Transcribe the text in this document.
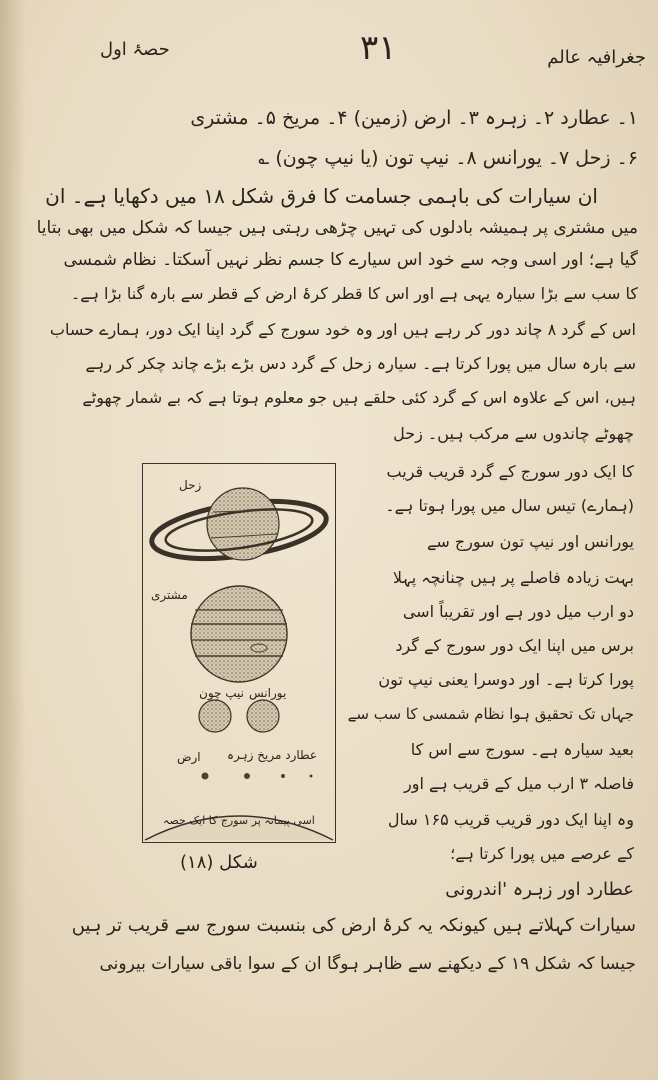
حصۂ اول	۳۱	جغرافیہ عالم
۱۔ عطارد ۲۔ زہرہ ۳۔ ارض (زمین) ۴۔ مریخ ۵۔ مشتری
۶۔ زحل ۷۔ یورانس ۸۔ نیپ تون (یا نیپ چون)‏ ؎
ان سیارات کی باہمی جسامت کا فرق شکل ۱۸ میں دکھایا ہے۔ ان
میں مشتری پر ہمیشہ بادلوں کی تہیں چڑھی رہتی ہیں جیسا کہ شکل میں بھی بتایا
گیا ہے؛ اور اسی وجہ سے خود اس سیارے کا جسم نظر نہیں آسکتا۔ نظام شمسی
کا سب سے بڑا سیارہ یہی ہے اور اس کا قطر کرۂ ارض کے قطر سے بارہ گنا بڑا ہے۔
اس کے گرد ۸ چاند دور کر رہے ہیں اور وہ خود سورج کے گرد اپنا ایک دور، ہمارے حساب
سے بارہ سال میں پورا کرتا ہے۔ سیارہ زحل کے گرد دس بڑے بڑے چاند چکر کر رہے
ہیں، اس کے علاوہ اس کے گرد کئی حلقے ہیں جو معلوم ہوتا ہے کہ بے شمار چھوٹے
چھوٹے چاندوں سے مرکب ہیں۔ زحل
کا ایک دور سورج کے گرد قریب قریب
(ہمارے) تیس سال میں پورا ہوتا ہے۔
یورانس اور نیپ تون سورج سے
بہت زیادہ فاصلے پر ہیں چنانچہ پہلا
دو ارب میل دور ہے اور تقریباً اسی
برس میں اپنا ایک دور سورج کے گرد
پورا کرتا ہے۔ اور دوسرا یعنی نیپ تون
جہاں تک تحقیق ہوا نظام شمسی کا سب سے
بعید سیارہ ہے۔ سورج سے اس کا
فاصلہ ۳ ارب میل کے قریب ہے اور
وہ اپنا ایک دور قریب قریب ۱۶۵ سال
کے عرصے میں پورا کرتا ہے؛
عطارد اور زہرہ 'اندرونی
سیارات کہلاتے ہیں کیونکہ یہ کرۂ ارض کی بنسبت سورج سے قریب تر ہیں
جیسا کہ شکل ۱۹ کے دیکھنے سے ظاہر ہوگا ان کے سوا باقی سیارات بیرونی
زحل
مشتری
نیپ چون یورانس
عطارد مریخ زہرہ
ارض
اسی پیمانہ پر سورج کا ایک حصہ
شکل (۱۸)
